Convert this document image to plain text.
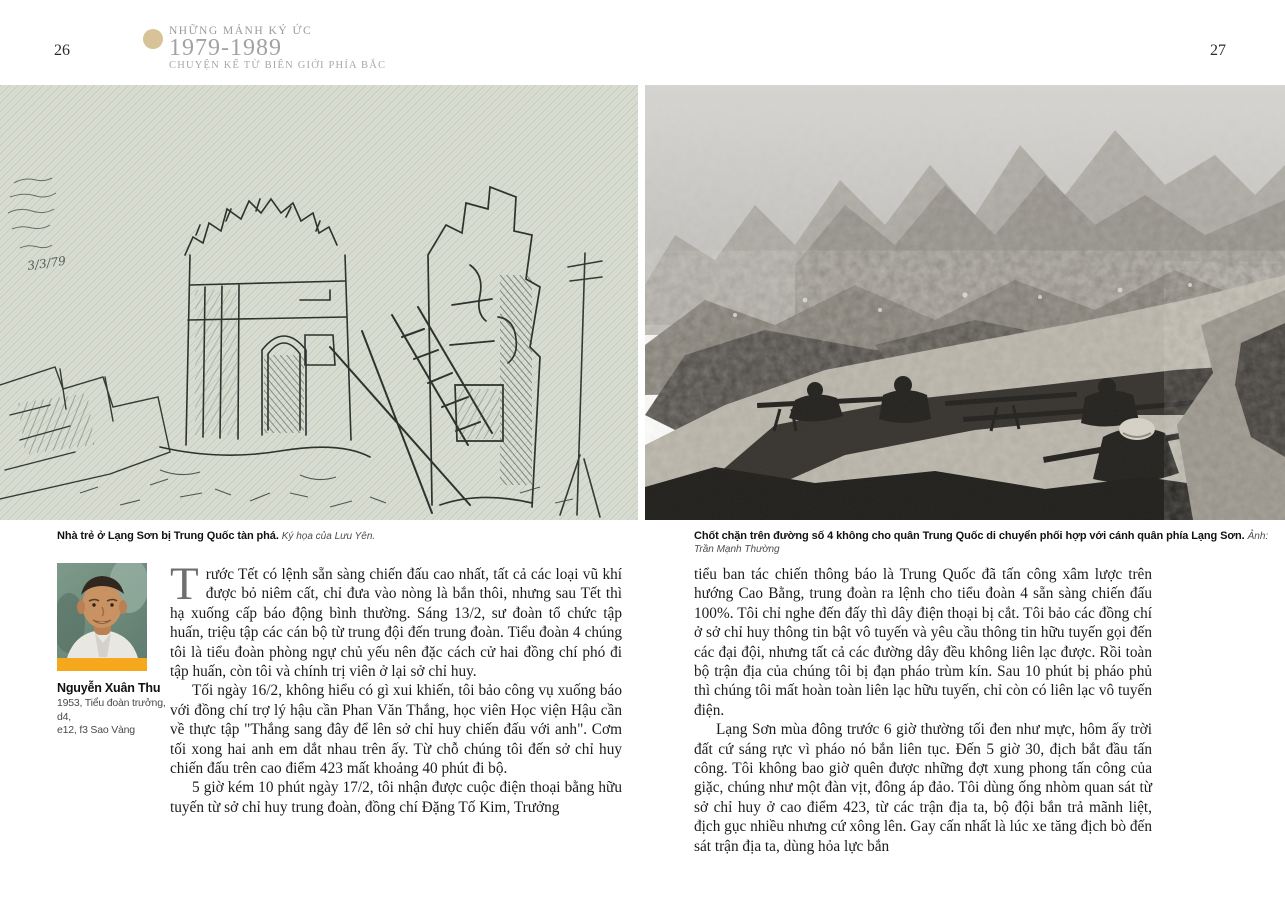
26	27
NHỮNG MẢNH KÝ ỨC
1979-1989
CHUYỆN KỂ TỪ BIÊN GIỚI PHÍA BẮC
3/3/79
Nhà trẻ ở Lạng Sơn bị Trung Quốc tàn phá. Ký họa của Lưu Yên.	Chốt chặn trên đường số 4 không cho quân Trung Quốc di chuyển phối hợp với cánh quân phía Lạng Sơn. Ảnh: Trần Mạnh Thường
Nguyễn Xuân Thu
1953, Tiểu đoàn trưởng, d4,
e12, f3 Sao Vàng

Trước Tết có lệnh sẵn sàng chiến đấu cao nhất, tất cả các loại vũ khí được bỏ niêm cất, chỉ đưa vào nòng là bắn thôi, nhưng sau Tết thì hạ xuống cấp báo động bình thường. Sáng 13/2, sư đoàn tổ chức tập huấn, triệu tập các cán bộ từ trung đội đến trung đoàn. Tiểu đoàn 4 chúng tôi là tiểu đoàn phòng ngự chủ yếu nên đặc cách cử hai đồng chí phó đi tập huấn, còn tôi và chính trị viên ở lại sở chỉ huy.

Tối ngày 16/2, không hiểu có gì xui khiến, tôi bảo công vụ xuống báo với đồng chí trợ lý hậu cần Phan Văn Thắng, học viên Học viện Hậu cần về thực tập "Thắng sang đây để lên sở chỉ huy chiến đấu với anh". Cơm tối xong hai anh em dắt nhau trên ấy. Từ chỗ chúng tôi đến sở chỉ huy chiến đấu trên cao điểm 423 mất khoảng 40 phút đi bộ.

5 giờ kém 10 phút ngày 17/2, tôi nhận được cuộc điện thoại bằng hữu tuyến từ sở chỉ huy trung đoàn, đồng chí Đặng Tố Kim, Trưởng

tiểu ban tác chiến thông báo là Trung Quốc đã tấn công xâm lược trên hướng Cao Bằng, trung đoàn ra lệnh cho tiểu đoàn 4 sẵn sàng chiến đấu 100%. Tôi chỉ nghe đến đấy thì dây điện thoại bị cắt. Tôi bảo các đồng chí ở sở chỉ huy thông tin bật vô tuyến và yêu cầu thông tin hữu tuyến gọi đến các đại đội, nhưng tất cả các đường dây đều không liên lạc được. Rồi toàn bộ trận địa của chúng tôi bị đạn pháo trùm kín. Sau 10 phút bị pháo phủ thì chúng tôi mất hoàn toàn liên lạc hữu tuyến, chỉ còn có liên lạc vô tuyến điện.

Lạng Sơn mùa đông trước 6 giờ thường tối đen như mực, hôm ấy trời đất cứ sáng rực vì pháo nó bắn liên tục. Đến 5 giờ 30, địch bắt đầu tấn công. Tôi không bao giờ quên được những đợt xung phong tấn công của giặc, chúng như một đàn vịt, đông áp đảo. Tôi dùng ống nhòm quan sát từ sở chỉ huy ở cao điểm 423, từ các trận địa ta, bộ đội bắn trả mãnh liệt, địch gục nhiều nhưng cứ xông lên. Gay cấn nhất là lúc xe tăng địch bò đến sát trận địa ta, dùng hỏa lực bắn
